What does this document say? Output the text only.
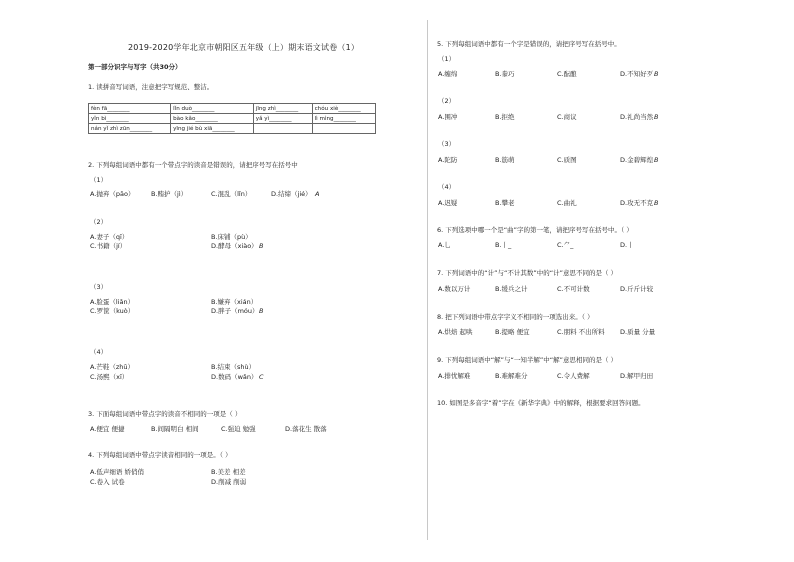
2019-2020学年北京市朝阳区五年级（上）期末语文试卷（1）
第一部分识字与写字（共30分）
1. 读拼音写词语，注意把字写规范、整洁。
fèn fā________	lǐn duò________	jīng zhì________	chóu xiè________
yǐn bì________	bào kǎo________	yǎ yì________	lì mìng________
nán yǐ zhì zūn________	yīng jié bù xiā________		
2. 下列每组词语中都有一个带点字的读音是错误的，请把序号写在括号中
（1）
A.抛弃（pāo）	B.贿护（jì）	C.混乱（lǐn）	D.结缔（jié） A
（2）
A.妻子（qī）	B.床铺（pù）
C.书籍（jí）	D.酵母（xiào） B
（3）
A.脸蛋（liǎn）	B.嫌弃（xián）
C.罗筐（kuò）	D.胖子（móu） B
（4）
A.芒鞋（zhū）	B.结束（shù）
C.汤熙（xī）	D.数码（wǎn） C
3. 下面每组词语中带点字的读音不相同的一项是（ ）
A.便宜 便捷	B.间隔明白 相间	C.强迫 勉强	D.落花生 散落
4. 下列每组词语中带点字读音相同的一项是。（ ）
A.低声细语 娇俏俏	B.美差 相差
C.卷入 试卷	D.削减 削弱
5. 下列每组词语中都有一个字是错误的，请把序号写在括号中。
（1）
A.缠绵	B.豢巧	C.酝酿	D.不知好歹 B
（2）
A.围冲	B.拒绝	C.商议	D.礼尚当然 B
（3）
A.陀防	B.筋萌	C.质图	D.金碧辉煌 B
（4）
A.迟疑	B.攀老	C.曲礼	D.攻无不克 B
6. 下列选项中哪一个是“曲”字的第一笔，请把序号写在括号中。（ ）
A.乚	B.丨_	C.⺈_	D.丨
7. 下列词语中的“计”与“不计其数”中的“计”意思不同的是（ ）
A.数以万计	B.缓兵之计	C.不可计数	D.斤斤计较
8. 把下列词语中带点字字义不相同的一项选出来。（ ）
A.烘焙 起哄	B.提略 便宜	C.朋料 不出所料 D.质量 分量
9. 下列每组词语中“解”与“一知半解”中“解”意思相同的是（ ）
A.排忧解难	B.难解难分	C.令人费解	D.解甲归田
10. 如图是多音字“着”字在《新华字典》中的解释，根据要求回答问题。
